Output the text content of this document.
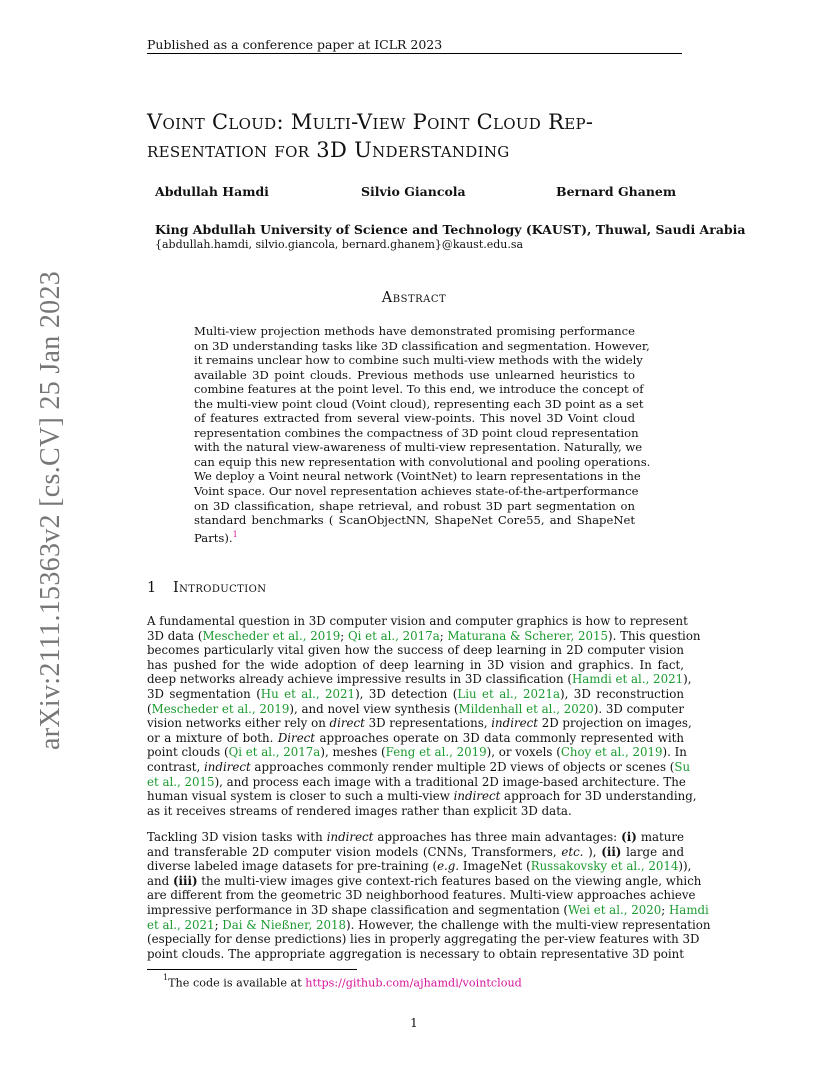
Published as a conference paper at ICLR 2023
Voint Cloud: Multi-View Point Cloud Rep-
resentation for 3D Understanding
Abdullah Hamdi	Silvio Giancola	Bernard Ghanem
King Abdullah University of Science and Technology (KAUST), Thuwal, Saudi Arabia
{abdullah.hamdi, silvio.giancola, bernard.ghanem}@kaust.edu.sa
arXiv:2111.15363v2 [cs.CV] 25 Jan 2023	Abstract
Multi-view projection methods have demonstrated promising performance
on 3D understanding tasks like 3D classification and segmentation. However,
it remains unclear how to combine such multi-view methods with the widely
available 3D point clouds. Previous methods use unlearned heuristics to
combine features at the point level. To this end, we introduce the concept of
the multi-view point cloud (Voint cloud), representing each 3D point as a set
of features extracted from several view-points. This novel 3D Voint cloud
representation combines the compactness of 3D point cloud representation
with the natural view-awareness of multi-view representation. Naturally, we
can equip this new representation with convolutional and pooling operations.
We deploy a Voint neural network (VointNet) to learn representations in the
Voint space. Our novel representation achieves state-of-the-artperformance
on 3D classification, shape retrieval, and robust 3D part segmentation on
standard benchmarks ( ScanObjectNN, ShapeNet Core55, and ShapeNet
Parts).$^1$
1 Introduction
A fundamental question in 3D computer vision and computer graphics is how to represent
3D data (Mescheder et al., 2019; Qi et al., 2017a; Maturana & Scherer, 2015). This question
becomes particularly vital given how the success of deep learning in 2D computer vision
has pushed for the wide adoption of deep learning in 3D vision and graphics. In fact,
deep networks already achieve impressive results in 3D classification (Hamdi et al., 2021),
3D segmentation (Hu et al., 2021), 3D detection (Liu et al., 2021a), 3D reconstruction
(Mescheder et al., 2019), and novel view synthesis (Mildenhall et al., 2020). 3D computer
vision networks either rely on direct 3D representations, indirect 2D projection on images,
or a mixture of both. Direct approaches operate on 3D data commonly represented with
point clouds (Qi et al., 2017a), meshes (Feng et al., 2019), or voxels (Choy et al., 2019). In
contrast, indirect approaches commonly render multiple 2D views of objects or scenes (Su
et al., 2015), and process each image with a traditional 2D image-based architecture. The
human visual system is closer to such a multi-view indirect approach for 3D understanding,
as it receives streams of rendered images rather than explicit 3D data.
Tackling 3D vision tasks with indirect approaches has three main advantages: (i) mature
and transferable 2D computer vision models (CNNs, Transformers, etc. ), (ii) large and
diverse labeled image datasets for pre-training (e.g. ImageNet (Russakovsky et al., 2014)),
and (iii) the multi-view images give context-rich features based on the viewing angle, which
are different from the geometric 3D neighborhood features. Multi-view approaches achieve
impressive performance in 3D shape classification and segmentation (Wei et al., 2020; Hamdi
et al., 2021; Dai & Nießner, 2018). However, the challenge with the multi-view representation
(especially for dense predictions) lies in properly aggregating the per-view features with 3D
point clouds. The appropriate aggregation is necessary to obtain representative 3D point
$^1$The code is available at https://github.com/ajhamdi/vointcloud
1
